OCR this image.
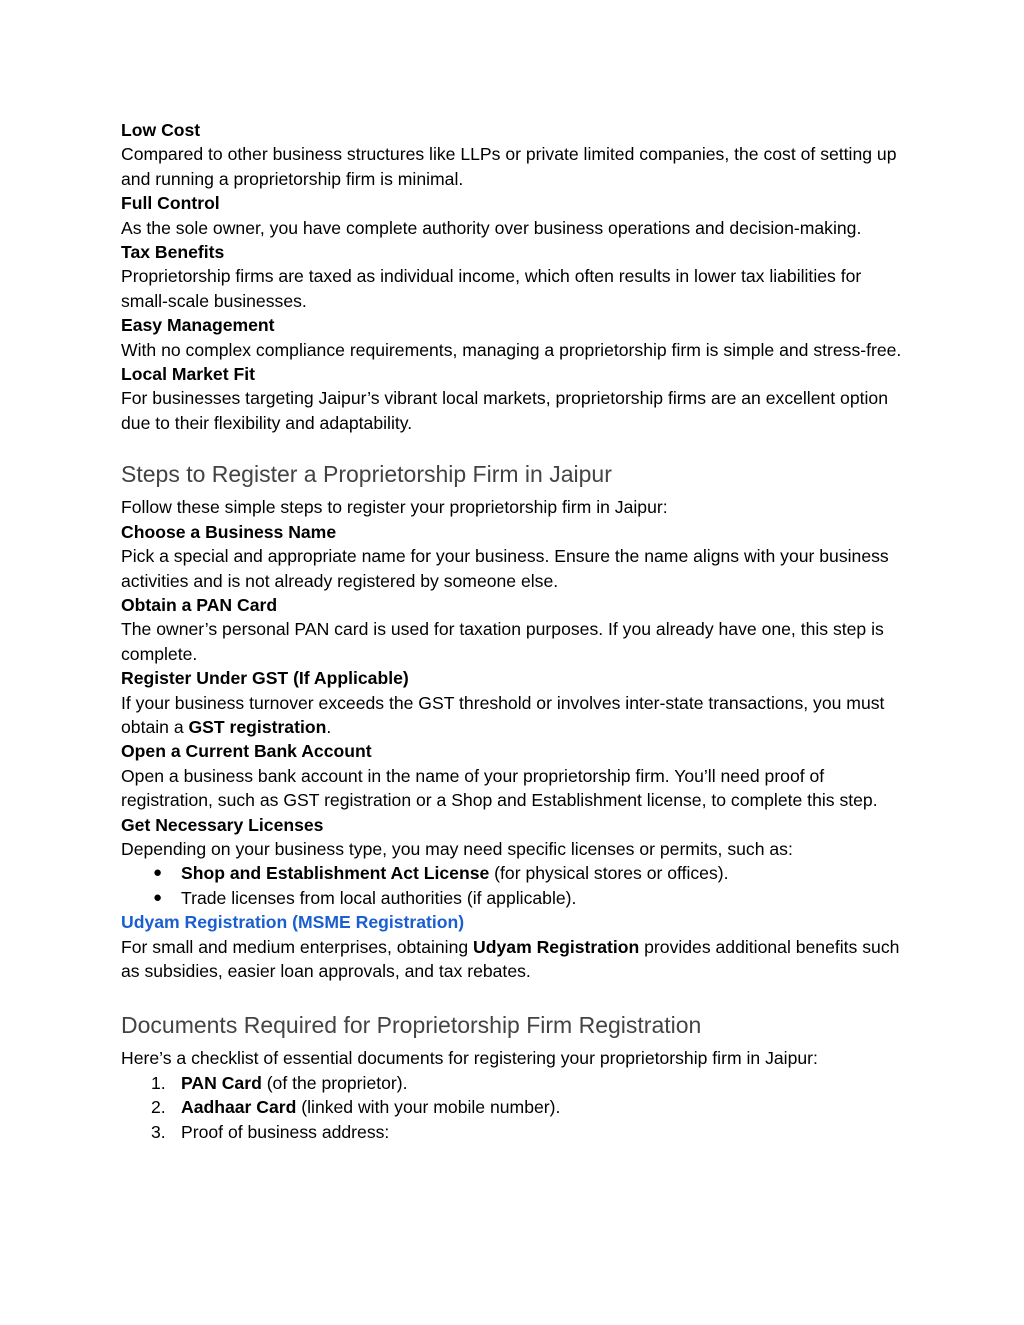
Low Cost

Compared to other business structures like LLPs or private limited companies, the cost of setting up and running a proprietorship firm is minimal.

Full Control

As the sole owner, you have complete authority over business operations and decision-making.

Tax Benefits

Proprietorship firms are taxed as individual income, which often results in lower tax liabilities for small-scale businesses.

Easy Management

With no complex compliance requirements, managing a proprietorship firm is simple and stress-free.

Local Market Fit

For businesses targeting Jaipur’s vibrant local markets, proprietorship firms are an excellent option due to their flexibility and adaptability.

Steps to Register a Proprietorship Firm in Jaipur

Follow these simple steps to register your proprietorship firm in Jaipur:

Choose a Business Name

Pick a special and appropriate name for your business. Ensure the name aligns with your business activities and is not already registered by someone else.

Obtain a PAN Card

The owner’s personal PAN card is used for taxation purposes. If you already have one, this step is complete.

Register Under GST (If Applicable)

If your business turnover exceeds the GST threshold or involves inter-state transactions, you must obtain a GST registration.

Open a Current Bank Account

Open a business bank account in the name of your proprietorship firm. You’ll need proof of registration, such as GST registration or a Shop and Establishment license, to complete this step.

Get Necessary Licenses

Depending on your business type, you may need specific licenses or permits, such as:

● Shop and Establishment Act License (for physical stores or offices).
● Trade licenses from local authorities (if applicable).

Udyam Registration (MSME Registration)

For small and medium enterprises, obtaining Udyam Registration provides additional benefits such as subsidies, easier loan approvals, and tax rebates.

Documents Required for Proprietorship Firm Registration

Here’s a checklist of essential documents for registering your proprietorship firm in Jaipur:

1. PAN Card (of the proprietor).
2. Aadhaar Card (linked with your mobile number).
3. Proof of business address:
